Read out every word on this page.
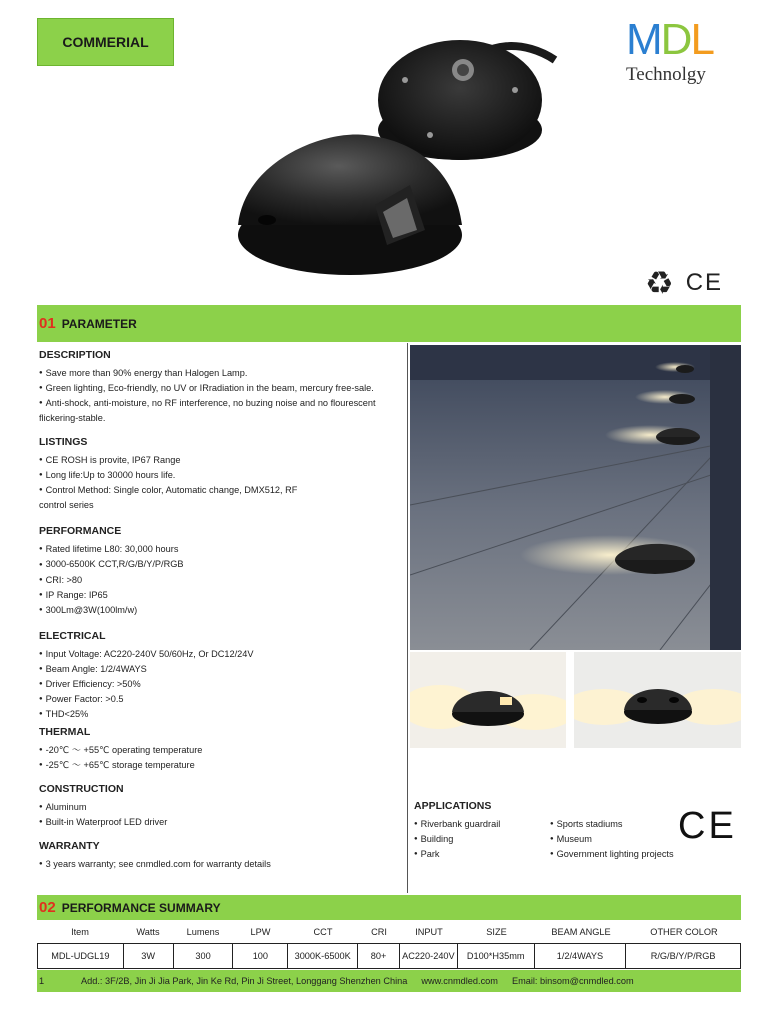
COMMERIAL	MDL
Technolgy
♻ CE
01 PARAMETER
DESCRIPTION
● Save more than 90% energy than Halogen Lamp.
● Green lighting, Eco-friendly, no UV or IRradiation in the beam, mercury free-sale.
● Anti-shock, anti-moisture, no RF interference, no buzing noise and no flourescent flickering-stable.
LISTINGS
● CE ROSH is provite, IP67 Range
● Long life:Up to 30000 hours life.
● Control Method: Single color, Automatic change, DMX512, RF
control series
PERFORMANCE
● Rated lifetime L80: 30,000 hours
● 3000-6500K CCT,R/G/B/Y/P/RGB
● CRI: >80
● IP Range: IP65
● 300Lm@3W(100lm/w)
ELECTRICAL
● Input Voltage: AC220-240V 50/60Hz, Or DC12/24V
● Beam Angle: 1/2/4WAYS
● Driver Efficiency: >50%
● Power Factor: >0.5
● THD<25%
THERMAL
● -20℃ ～ +55℃ operating temperature
● -25℃ ～ +65℃ storage temperature
CONSTRUCTION
● Aluminum
● Built-in Waterproof LED driver
WARRANTY
● 3 years warranty; see cnmdled.com for warranty details
APPLICATIONS
● Riverbank guardrail	● Sports stadiums
● Building	● Museum
● Park	● Government lighting projects
CE
02 PERFORMANCE SUMMARY
Item	Watts	Lumens	LPW	CCT	CRI	INPUT	SIZE	BEAM ANGLE	OTHER COLOR
MDL-UDGL19	3W	300	100	3000K-6500K	80+	AC220-240V	D100*H35mm	1/2/4WAYS	R/G/B/Y/P/RGB
1	Add.: 3F/2B, Jin Ji Jia Park, Jin Ke Rd, Pin Ji Street, Longgang Shenzhen China www.cnmdled.com Email: binsom@cnmdled.com
